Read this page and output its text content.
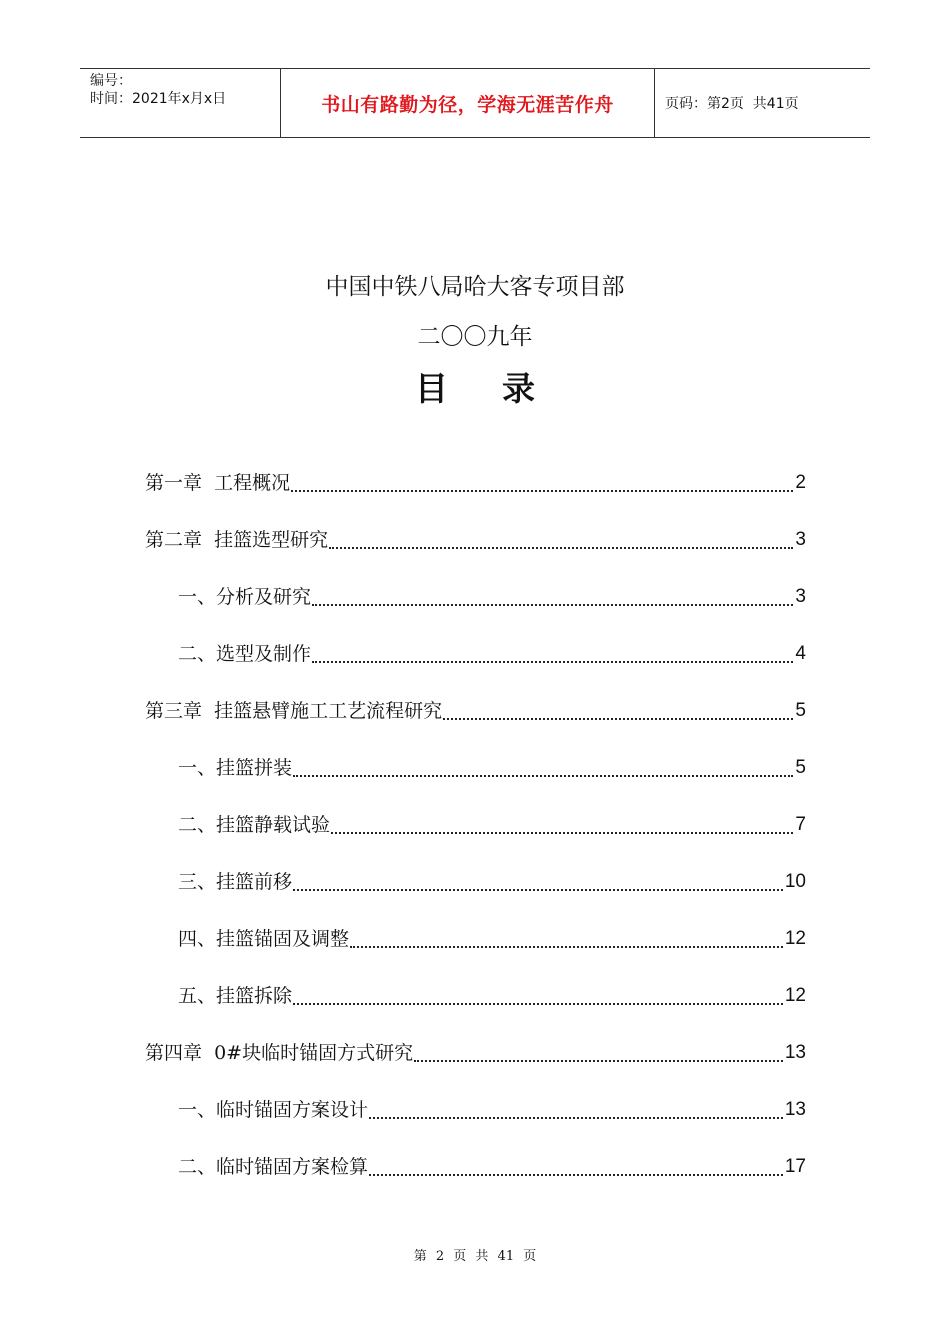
编号：
时间：2021年x月x日	书山有路勤为径，学海无涯苦作舟	页码：第2页  共41页
中国中铁八局哈大客专项目部
二〇〇九年
目录
第一章  工程概况	2
第二章  挂篮选型研究	3
一、分析及研究	3
二、选型及制作	4
第三章  挂篮悬臂施工工艺流程研究	5
一、挂篮拼装	5
二、挂篮静载试验	7
三、挂篮前移	10
四、挂篮锚固及调整	12
五、挂篮拆除	12
第四章  0#块临时锚固方式研究	13
一、临时锚固方案设计	13
二、临时锚固方案检算	17
第 2 页 共 41 页
